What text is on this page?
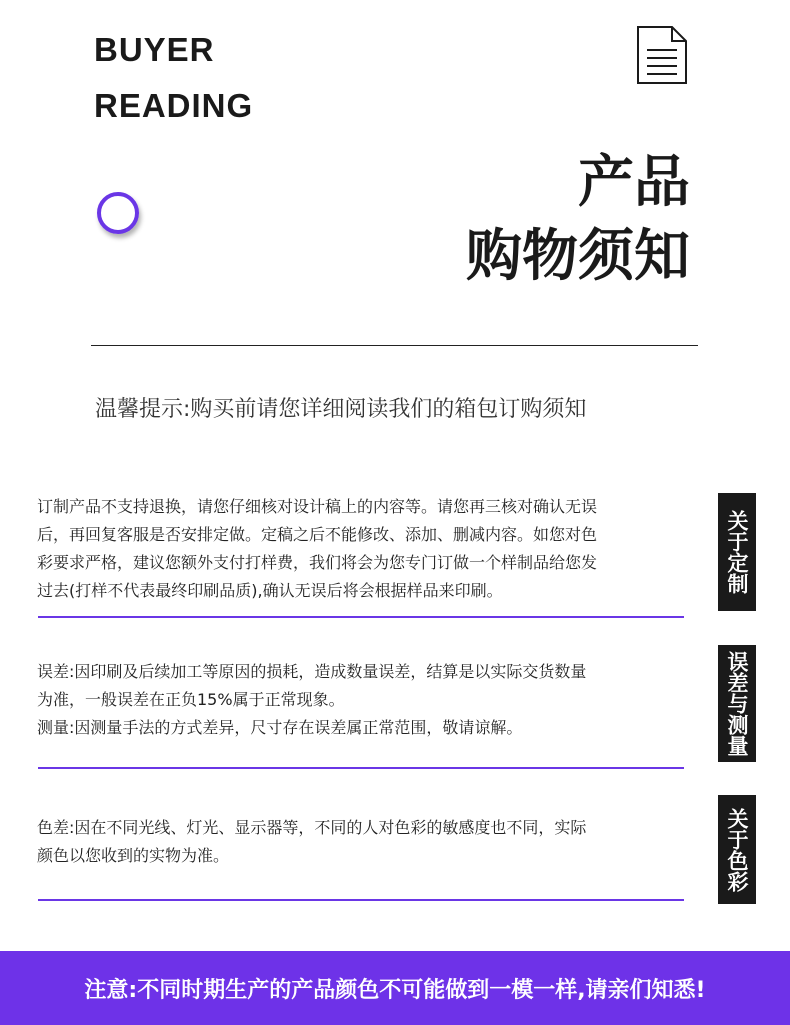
BUYER
READING
产品
购物须知
温馨提示:购买前请您详细阅读我们的箱包订购须知
订制产品不支持退换，请您仔细核对设计稿上的内容等。请您再三核对确认无误
后，再回复客服是否安排定做。定稿之后不能修改、添加、删减内容。如您对色
彩要求严格，建议您额外支付打样费，我们将会为您专门订做一个样制品给您发
过去(打样不代表最终印刷品质),确认无误后将会根据样品来印刷。	关于定制
误差:因印刷及后续加工等原因的损耗，造成数量误差，结算是以实际交货数量
为准，一般误差在正负15%属于正常现象。
测量:因测量手法的方式差异，尺寸存在误差属正常范围，敬请谅解。	误差与测量
色差:因在不同光线、灯光、显示器等，不同的人对色彩的敏感度也不同，实际
颜色以您收到的实物为准。	关于色彩
注意:不同时期生产的产品颜色不可能做到一模一样,请亲们知悉!
